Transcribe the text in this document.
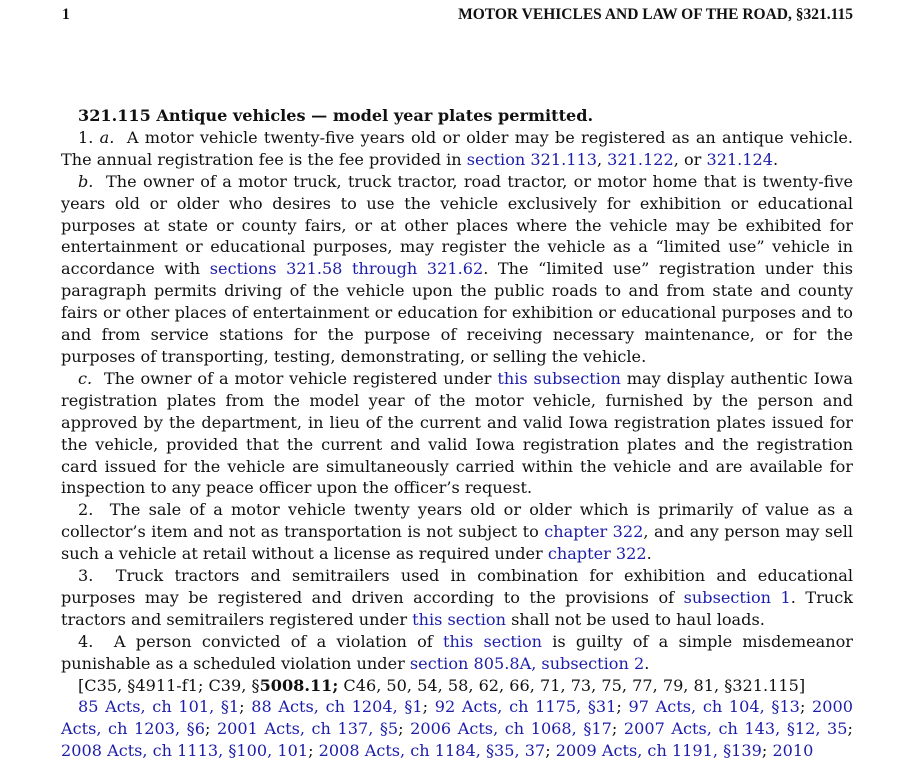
1	MOTOR VEHICLES AND LAW OF THE ROAD, §321.115

321.115 Antique vehicles — model year plates permitted.

1. a. A motor vehicle twenty-five years old or older may be registered as an antique vehicle. The annual registration fee is the fee provided in section 321.113, 321.122, or 321.124.

b. The owner of a motor truck, truck tractor, road tractor, or motor home that is twenty-five years old or older who desires to use the vehicle exclusively for exhibition or educational purposes at state or county fairs, or at other places where the vehicle may be exhibited for entertainment or educational purposes, may register the vehicle as a “limited use” vehicle in accordance with sections 321.58 through 321.62. The “limited use” registration under this paragraph permits driving of the vehicle upon the public roads to and from state and county fairs or other places of entertainment or education for exhibition or educational purposes and to and from service stations for the purpose of receiving necessary maintenance, or for the purposes of transporting, testing, demonstrating, or selling the vehicle.

c. The owner of a motor vehicle registered under this subsection may display authentic Iowa registration plates from the model year of the motor vehicle, furnished by the person and approved by the department, in lieu of the current and valid Iowa registration plates issued for the vehicle, provided that the current and valid Iowa registration plates and the registration card issued for the vehicle are simultaneously carried within the vehicle and are available for inspection to any peace officer upon the officer’s request.

2. The sale of a motor vehicle twenty years old or older which is primarily of value as a collector’s item and not as transportation is not subject to chapter 322, and any person may sell such a vehicle at retail without a license as required under chapter 322.

3. Truck tractors and semitrailers used in combination for exhibition and educational purposes may be registered and driven according to the provisions of subsection 1. Truck tractors and semitrailers registered under this section shall not be used to haul loads.

4. A person convicted of a violation of this section is guilty of a simple misdemeanor punishable as a scheduled violation under section 805.8A, subsection 2.

[C35, §4911-f1; C39, §5008.11; C46, 50, 54, 58, 62, 66, 71, 73, 75, 77, 79, 81, §321.115]

85 Acts, ch 101, §1; 88 Acts, ch 1204, §1; 92 Acts, ch 1175, §31; 97 Acts, ch 104, §13; 2000 Acts, ch 1203, §6; 2001 Acts, ch 137, §5; 2006 Acts, ch 1068, §17; 2007 Acts, ch 143, §12, 35; 2008 Acts, ch 1113, §100, 101; 2008 Acts, ch 1184, §35, 37; 2009 Acts, ch 1191, §139; 2010
